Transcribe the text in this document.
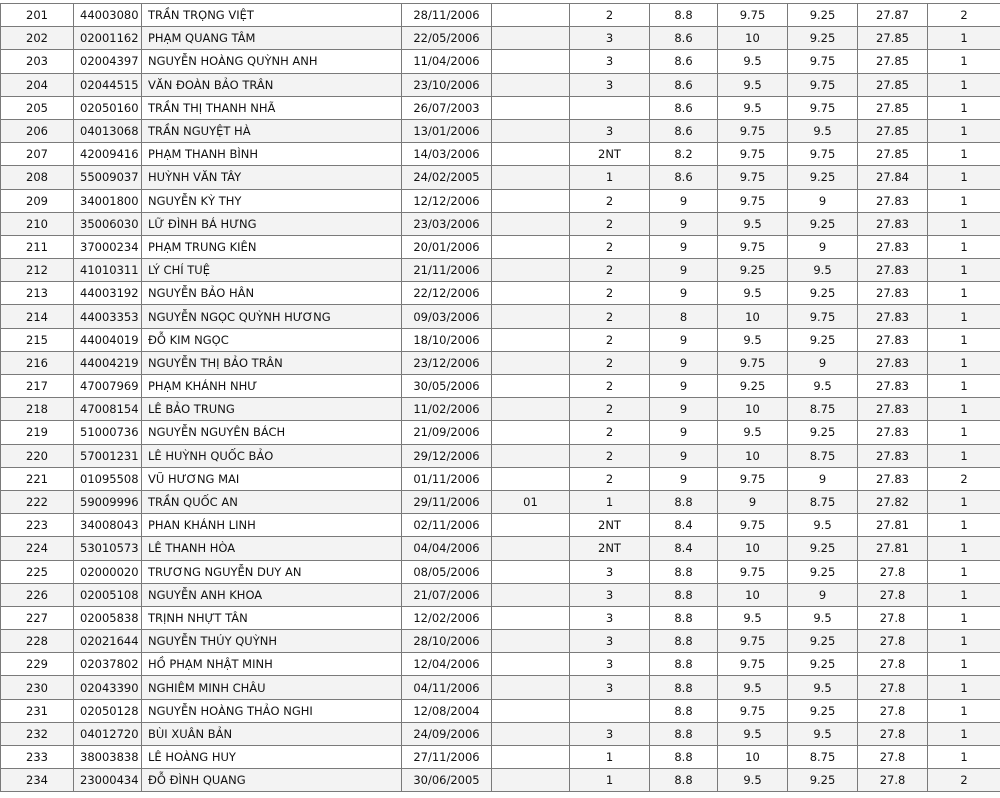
201	44003080	TRẦN TRỌNG VIỆT	28/11/2006		2	8.8	9.75	9.25	27.87	2
202	02001162	PHẠM QUANG TÂM	22/05/2006		3	8.6	10	9.25	27.85	1
203	02004397	NGUYỄN HOÀNG QUỲNH ANH	11/04/2006		3	8.6	9.5	9.75	27.85	1
204	02044515	VĂN ĐOÀN BẢO TRÂN	23/10/2006		3	8.6	9.5	9.75	27.85	1
205	02050160	TRẦN THỊ THANH NHÃ	26/07/2003			8.6	9.5	9.75	27.85	1
206	04013068	TRẦN NGUYỆT HÀ	13/01/2006		3	8.6	9.75	9.5	27.85	1
207	42009416	PHẠM THANH BÌNH	14/03/2006		2NT	8.2	9.75	9.75	27.85	1
208	55009037	HUỲNH VĂN TÂY	24/02/2005		1	8.6	9.75	9.25	27.84	1
209	34001800	NGUYỄN KỲ THY	12/12/2006		2	9	9.75	9	27.83	1
210	35006030	LỮ ĐÌNH BÁ HƯNG	23/03/2006		2	9	9.5	9.25	27.83	1
211	37000234	PHẠM TRUNG KIÊN	20/01/2006		2	9	9.75	9	27.83	1
212	41010311	LÝ CHÍ TUỆ	21/11/2006		2	9	9.25	9.5	27.83	1
213	44003192	NGUYỄN BẢO HÂN	22/12/2006		2	9	9.5	9.25	27.83	1
214	44003353	NGUYỄN NGỌC QUỲNH HƯƠNG	09/03/2006		2	8	10	9.75	27.83	1
215	44004019	ĐỖ KIM NGỌC	18/10/2006		2	9	9.5	9.25	27.83	1
216	44004219	NGUYỄN THỊ BẢO TRÂN	23/12/2006		2	9	9.75	9	27.83	1
217	47007969	PHẠM KHÁNH NHƯ	30/05/2006		2	9	9.25	9.5	27.83	1
218	47008154	LÊ BẢO TRUNG	11/02/2006		2	9	10	8.75	27.83	1
219	51000736	NGUYỄN NGUYÊN BÁCH	21/09/2006		2	9	9.5	9.25	27.83	1
220	57001231	LÊ HUỲNH QUỐC BẢO	29/12/2006		2	9	10	8.75	27.83	1
221	01095508	VŨ HƯƠNG MAI	01/11/2006		2	9	9.75	9	27.83	2
222	59009996	TRẦN QUỐC AN	29/11/2006	01	1	8.8	9	8.75	27.82	1
223	34008043	PHAN KHÁNH LINH	02/11/2006		2NT	8.4	9.75	9.5	27.81	1
224	53010573	LÊ THANH HÒA	04/04/2006		2NT	8.4	10	9.25	27.81	1
225	02000020	TRƯƠNG NGUYỄN DUY AN	08/05/2006		3	8.8	9.75	9.25	27.8	1
226	02005108	NGUYỄN ANH KHOA	21/07/2006		3	8.8	10	9	27.8	1
227	02005838	TRỊNH NHỰT TÂN	12/02/2006		3	8.8	9.5	9.5	27.8	1
228	02021644	NGUYỄN THÚY QUỲNH	28/10/2006		3	8.8	9.75	9.25	27.8	1
229	02037802	HỒ PHẠM NHẬT MINH	12/04/2006		3	8.8	9.75	9.25	27.8	1
230	02043390	NGHIÊM MINH CHÂU	04/11/2006		3	8.8	9.5	9.5	27.8	1
231	02050128	NGUYỄN HOÀNG THẢO NGHI	12/08/2004			8.8	9.75	9.25	27.8	1
232	04012720	BÙI XUÂN BẢN	24/09/2006		3	8.8	9.5	9.5	27.8	1
233	38003838	LÊ HOÀNG HUY	27/11/2006		1	8.8	10	8.75	27.8	1
234	23000434	ĐỖ ĐÌNH QUANG	30/06/2005		1	8.8	9.5	9.25	27.8	2
